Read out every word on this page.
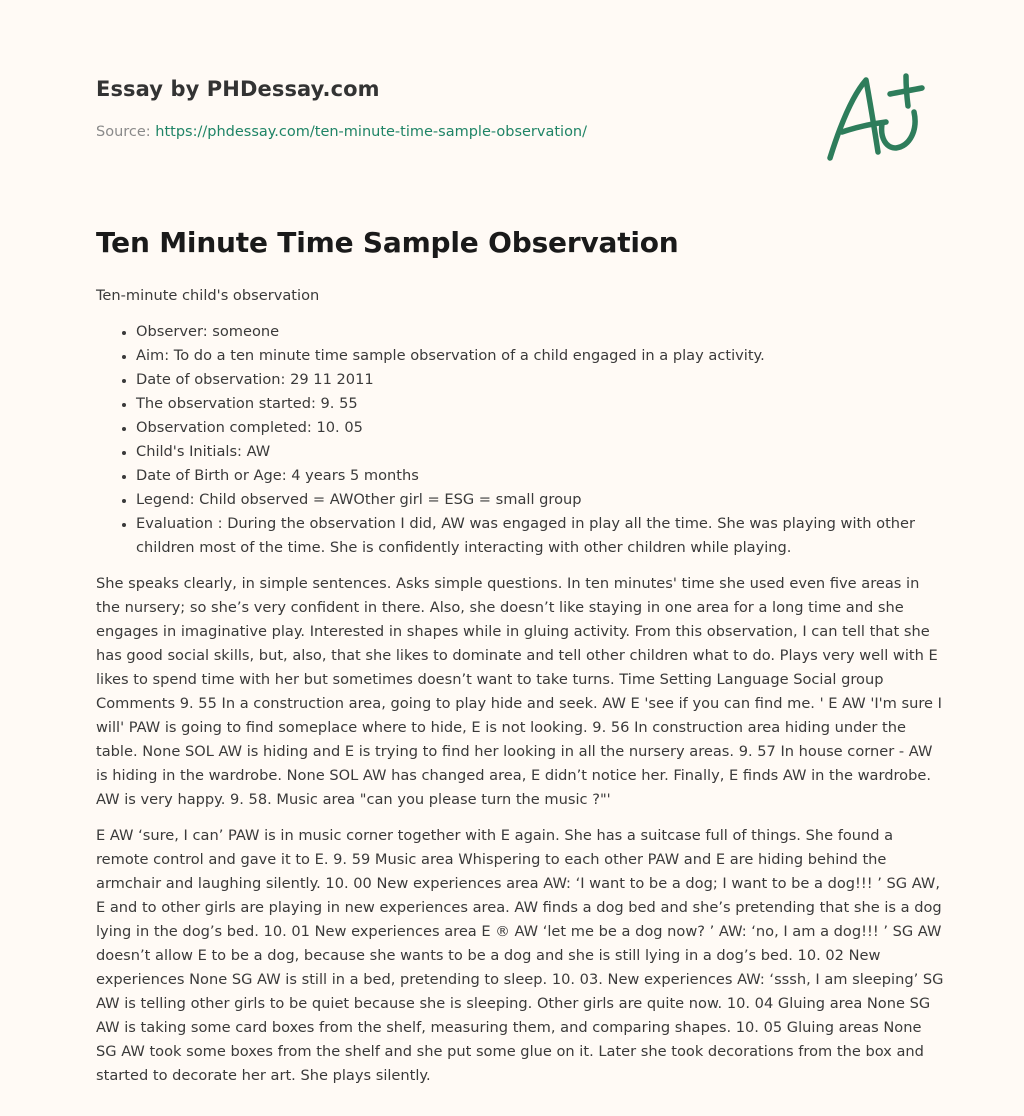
Essay by PHDessay.com
Source: https://phdessay.com/ten-minute-time-sample-observation/
Ten Minute Time Sample Observation

Ten-minute child's observation

• Observer: someone
• Aim: To do a ten minute time sample observation of a child engaged in a play activity.
• Date of observation: 29 11 2011
• The observation started: 9. 55
• Observation completed: 10. 05
• Child's Initials: AW
• Date of Birth or Age: 4 years 5 months
• Legend: Child observed = AWOther girl = ESG = small group
• Evaluation : During the observation I did, AW was engaged in play all the time. She was playing with other children most of the time. She is confidently interacting with other children while playing.

She speaks clearly, in simple sentences. Asks simple questions. In ten minutes' time she used even five areas in the nursery; so she’s very confident in there. Also, she doesn’t like staying in one area for a long time and she engages in imaginative play. Interested in shapes while in gluing activity. From this observation, I can tell that she has good social skills, but, also, that she likes to dominate and tell other children what to do. Plays very well with E likes to spend time with her but sometimes doesn’t want to take turns. Time Setting Language Social group Comments 9. 55 In a construction area, going to play hide and seek. AW E 'see if you can find me. ' E AW 'I'm sure I will' PAW is going to find someplace where to hide, E is not looking. 9. 56 In construction area hiding under the table. None SOL AW is hiding and E is trying to find her looking in all the nursery areas. 9. 57 In house corner - AW is hiding in the wardrobe. None SOL AW has changed area, E didn’t notice her. Finally, E finds AW in the wardrobe. AW is very happy. 9. 58. Music area "can you please turn the music ?"'

E AW ‘sure, I can’ PAW is in music corner together with E again. She has a suitcase full of things. She found a remote control and gave it to E. 9. 59 Music area Whispering to each other PAW and E are hiding behind the armchair and laughing silently. 10. 00 New experiences area AW: ‘I want to be a dog; I want to be a dog!!! ’ SG AW, E and to other girls are playing in new experiences area. AW finds a dog bed and she’s pretending that she is a dog lying in the dog’s bed. 10. 01 New experiences area E ® AW ‘let me be a dog now? ’ AW: ‘no, I am a dog!!! ’ SG AW doesn’t allow E to be a dog, because she wants to be a dog and she is still lying in a dog’s bed. 10. 02 New experiences None SG AW is still in a bed, pretending to sleep. 10. 03. New experiences AW: ‘sssh, I am sleeping’ SG AW is telling other girls to be quiet because she is sleeping. Other girls are quite now. 10. 04 Gluing area None SG AW is taking some card boxes from the shelf, measuring them, and comparing shapes. 10. 05 Gluing areas None SG AW took some boxes from the shelf and she put some glue on it. Later she took decorations from the box and started to decorate her art. She plays silently.
